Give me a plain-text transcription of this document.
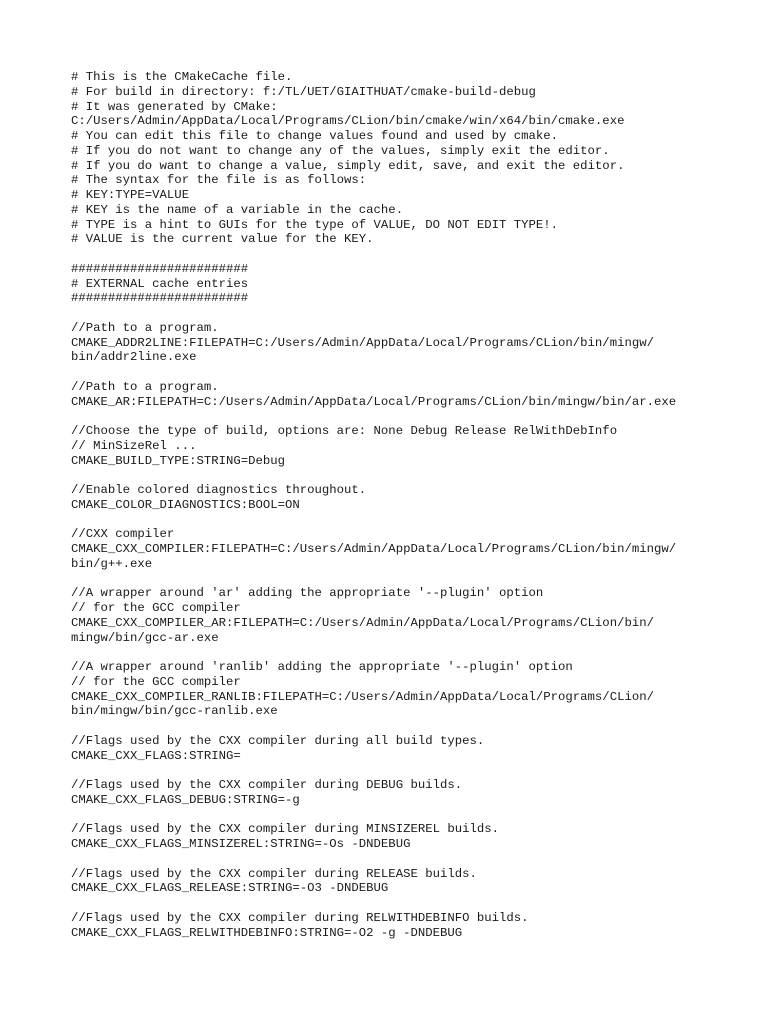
# This is the CMakeCache file.
# For build in directory: f:/TL/UET/GIAITHUAT/cmake-build-debug
# It was generated by CMake:
C:/Users/Admin/AppData/Local/Programs/CLion/bin/cmake/win/x64/bin/cmake.exe
# You can edit this file to change values found and used by cmake.
# If you do not want to change any of the values, simply exit the editor.
# If you do want to change a value, simply edit, save, and exit the editor.
# The syntax for the file is as follows:
# KEY:TYPE=VALUE
# KEY is the name of a variable in the cache.
# TYPE is a hint to GUIs for the type of VALUE, DO NOT EDIT TYPE!.
# VALUE is the current value for the KEY.
########################
# EXTERNAL cache entries
########################
//Path to a program.
CMAKE_ADDR2LINE:FILEPATH=C:/Users/Admin/AppData/Local/Programs/CLion/bin/mingw/
bin/addr2line.exe
//Path to a program.
CMAKE_AR:FILEPATH=C:/Users/Admin/AppData/Local/Programs/CLion/bin/mingw/bin/ar.exe
//Choose the type of build, options are: None Debug Release RelWithDebInfo
// MinSizeRel ...
CMAKE_BUILD_TYPE:STRING=Debug
//Enable colored diagnostics throughout.
CMAKE_COLOR_DIAGNOSTICS:BOOL=ON
//CXX compiler
CMAKE_CXX_COMPILER:FILEPATH=C:/Users/Admin/AppData/Local/Programs/CLion/bin/mingw/
bin/g++.exe
//A wrapper around 'ar' adding the appropriate '--plugin' option
// for the GCC compiler
CMAKE_CXX_COMPILER_AR:FILEPATH=C:/Users/Admin/AppData/Local/Programs/CLion/bin/
mingw/bin/gcc-ar.exe
//A wrapper around 'ranlib' adding the appropriate '--plugin' option
// for the GCC compiler
CMAKE_CXX_COMPILER_RANLIB:FILEPATH=C:/Users/Admin/AppData/Local/Programs/CLion/
bin/mingw/bin/gcc-ranlib.exe
//Flags used by the CXX compiler during all build types.
CMAKE_CXX_FLAGS:STRING=
//Flags used by the CXX compiler during DEBUG builds.
CMAKE_CXX_FLAGS_DEBUG:STRING=-g
//Flags used by the CXX compiler during MINSIZEREL builds.
CMAKE_CXX_FLAGS_MINSIZEREL:STRING=-Os -DNDEBUG
//Flags used by the CXX compiler during RELEASE builds.
CMAKE_CXX_FLAGS_RELEASE:STRING=-O3 -DNDEBUG
//Flags used by the CXX compiler during RELWITHDEBINFO builds.
CMAKE_CXX_FLAGS_RELWITHDEBINFO:STRING=-O2 -g -DNDEBUG
